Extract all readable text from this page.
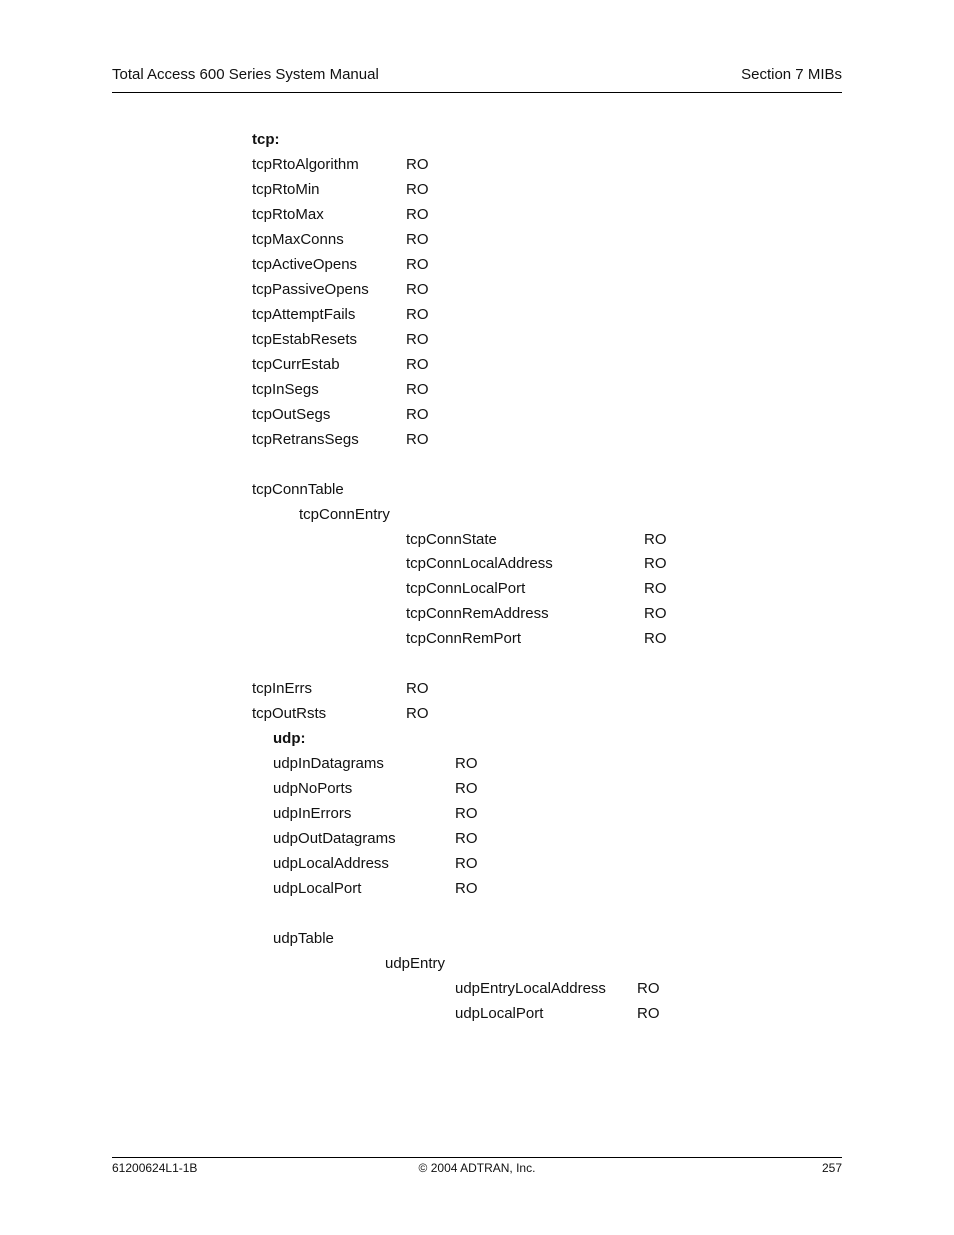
Total Access 600 Series System Manual	Section 7 MIBs
tcp:
tcpRtoAlgorithm	RO
tcpRtoMin	RO
tcpRtoMax	RO
tcpMaxConns	RO
tcpActiveOpens	RO
tcpPassiveOpens RO
tcpAttemptFails	RO
tcpEstabResets	RO
tcpCurrEstab	RO
tcpInSegs	RO
tcpOutSegs	RO
tcpRetransSegs	RO
tcpConnTable
tcpConnEntry
tcpConnState	RO
tcpConnLocalAddress	RO
tcpConnLocalPort	RO
tcpConnRemAddress	RO
tcpConnRemPort	RO
tcpInErrs	RO
tcpOutRsts	RO
udp:
udpInDatagrams	RO
udpNoPorts	RO
udpInErrors	RO
udpOutDatagrams	RO
udpLocalAddress	RO
udpLocalPort	RO
udpTable
udpEntry
udpEntryLocalAddress RO
udpLocalPort	RO
61200624L1-1B	© 2004 ADTRAN, Inc.	257
